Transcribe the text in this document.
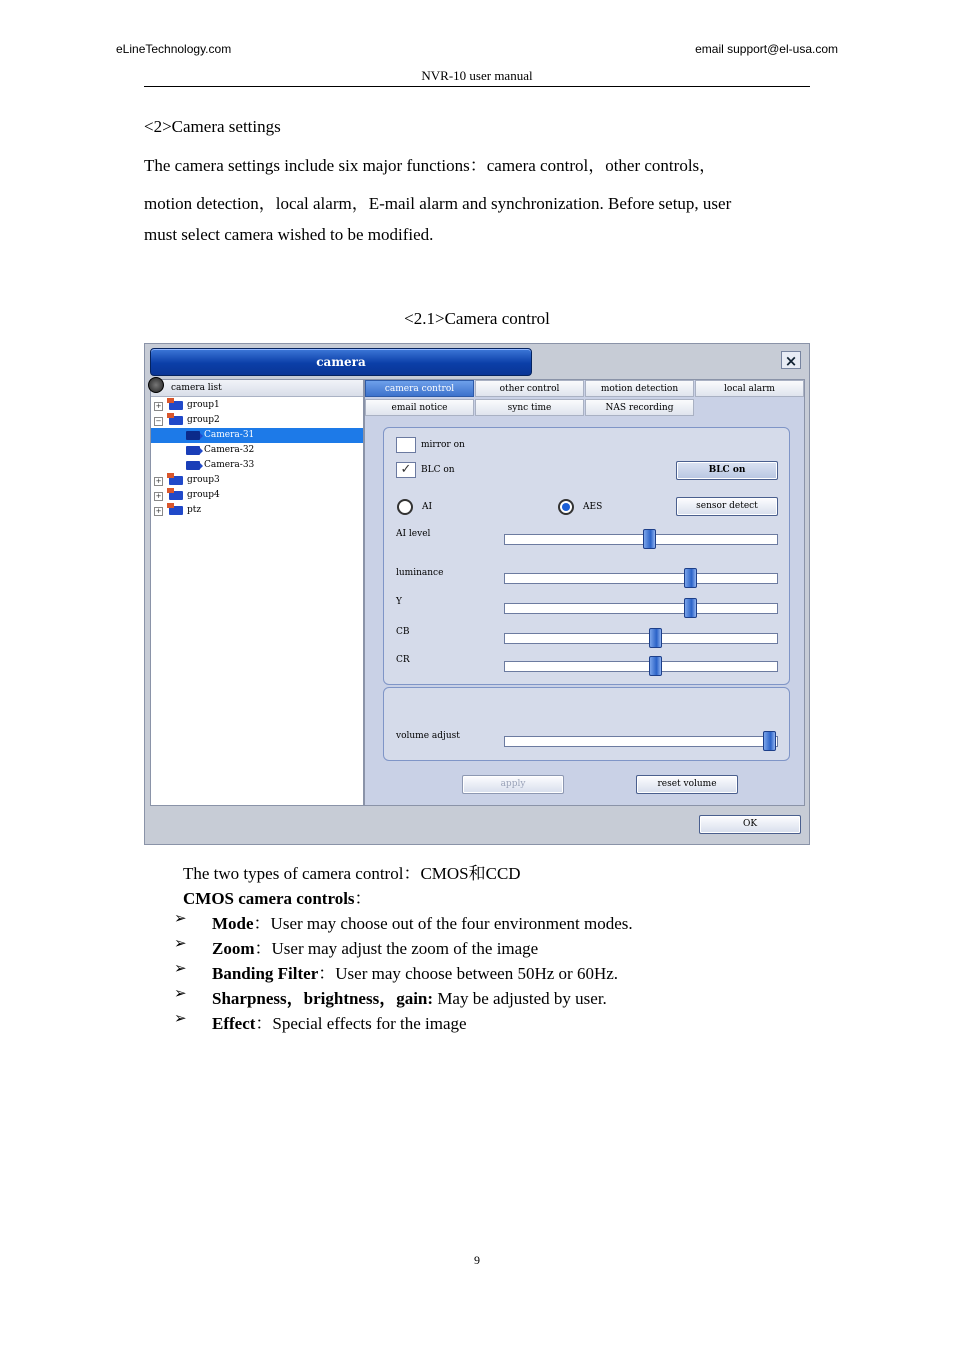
eLineTechnology.com	email support@el-usa.com
NVR-10 user manual
<2>Camera settings
The camera settings include six major functions：camera control，other controls，
motion detection，local alarm，E-mail alarm and synchronization. Before setup, user
must select camera wished to be modified.
<2.1>Camera control
camera	×
camera list
+	group1
−	group2
Camera-31
Camera-32
Camera-33
+	group3
+	group4
+	ptz
camera control	other control	motion detection	local alarm
email notice	sync time	NAS recording
mirror on
✓	BLC on	BLC on
AI	AES	sensor detect
AI level
luminance
Y
CB
CR
volume adjust
apply	reset volume
OK
The two types of camera control：CMOS和CCD
CMOS camera controls：
➢ Mode：User may choose out of the four environment modes.
➢ Zoom：User may adjust the zoom of the image
➢ Banding Filter：User may choose between 50Hz or 60Hz.
➢ Sharpness，brightness，gain: May be adjusted by user.
➢ Effect：Special effects for the image
9
